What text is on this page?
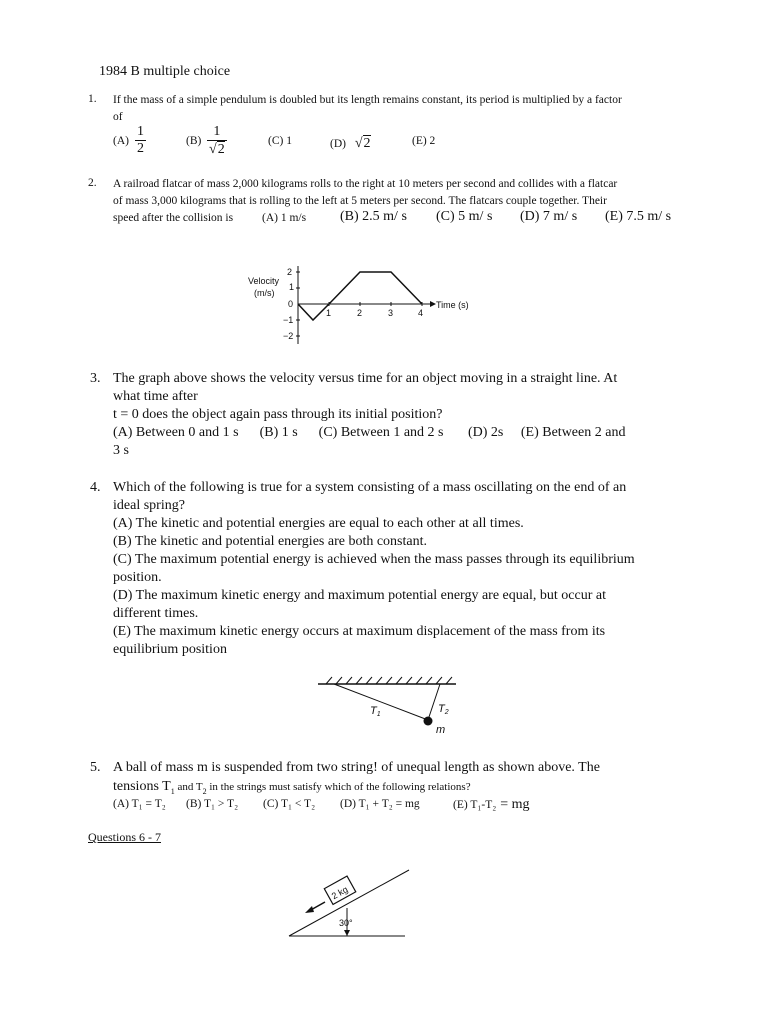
1984 B multiple choice
1. If the mass of a simple pendulum is doubled but its length remains constant, its period is multiplied by a factor
of
$(A) \frac{1}{2}$	$(B) \frac{1}{√2}$	(C) 1	(D) √2	(E) 2
2. A railroad flatcar of mass 2,000 kilograms rolls to the right at 10 meters per second and collides with a flatcar
of mass 3,000 kilograms that is rolling to the left at 5 meters per second. The flatcars couple together. Their
speed after the collision is	(A) 1 m/s (B) 2.5 m/ s (C) 5 m/ s (D) 7 m/ s (E) 7.5 m/ s
Velocity
(m/s)
Time (s)
2
1
0
−1
−2
1	2	3	4
3. The graph above shows the velocity versus time for an object moving in a straight line. At
what time after
t = 0 does the object again pass through its initial position?
(A) Between 0 and 1 s      (B) 1 s      (C) Between 1 and 2 s       (D) 2s     (E) Between 2 and
3 s
4. Which of the following is true for a system consisting of a mass oscillating on the end of an
ideal spring?
(A) The kinetic and potential energies are equal to each other at all times.
(B) The kinetic and potential energies are both constant.
(C) The maximum potential energy is achieved when the mass passes through its equilibrium
position.
(D) The maximum kinetic energy and maximum potential energy are equal, but occur at
different times.
(E) The maximum kinetic energy occurs at maximum displacement of the mass from its
equilibrium position
T1	T2
m
5. A ball of mass m is suspended from two string! of unequal length as shown above. The
tensions $T_1$ and $T_2$ in the strings must satisfy which of the following relations?
(A) T₁ = T₂ (B) T₁ > T₂ (C) T₁ < T₂ (D) T₁ + T₂ = mg	(E) T₁-T₂ = mg
Questions 6 - 7
2 kg
30°
